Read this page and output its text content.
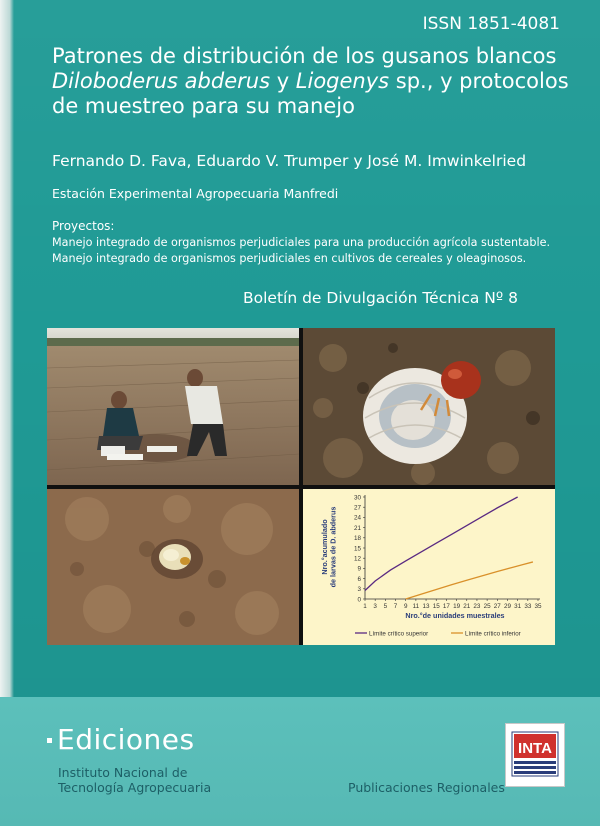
ISSN 1851-4081
Patrones de distribución de los gusanos blancos
Diloboderus abderus y Liogenys sp., y protocolos
de muestreo para su manejo
Fernando D. Fava, Eduardo V. Trumper y José M. Imwinkelried
Estación Experimental Agropecuaria Manfredi
Proyectos:
Manejo integrado de organismos perjudiciales para una producción agrícola sustentable.
Manejo integrado de organismos perjudiciales en cultivos de cereales y oleaginosos.
Boletín de Divulgación Técnica Nº 8
0
3
6
9
12
15
18
21
24
27
30
1 3 5 7 9 11 13 15 17 19 21 23 25 27 29 31 33 35
Nro.°acumuladode larvas de D. abderus
Nro.°de unidades muestrales
Límite crítico superior	Límite crítico inferior
Ediciones
Instituto Nacional de
Tecnología Agropecuaria	Publicaciones Regionales
INTA
